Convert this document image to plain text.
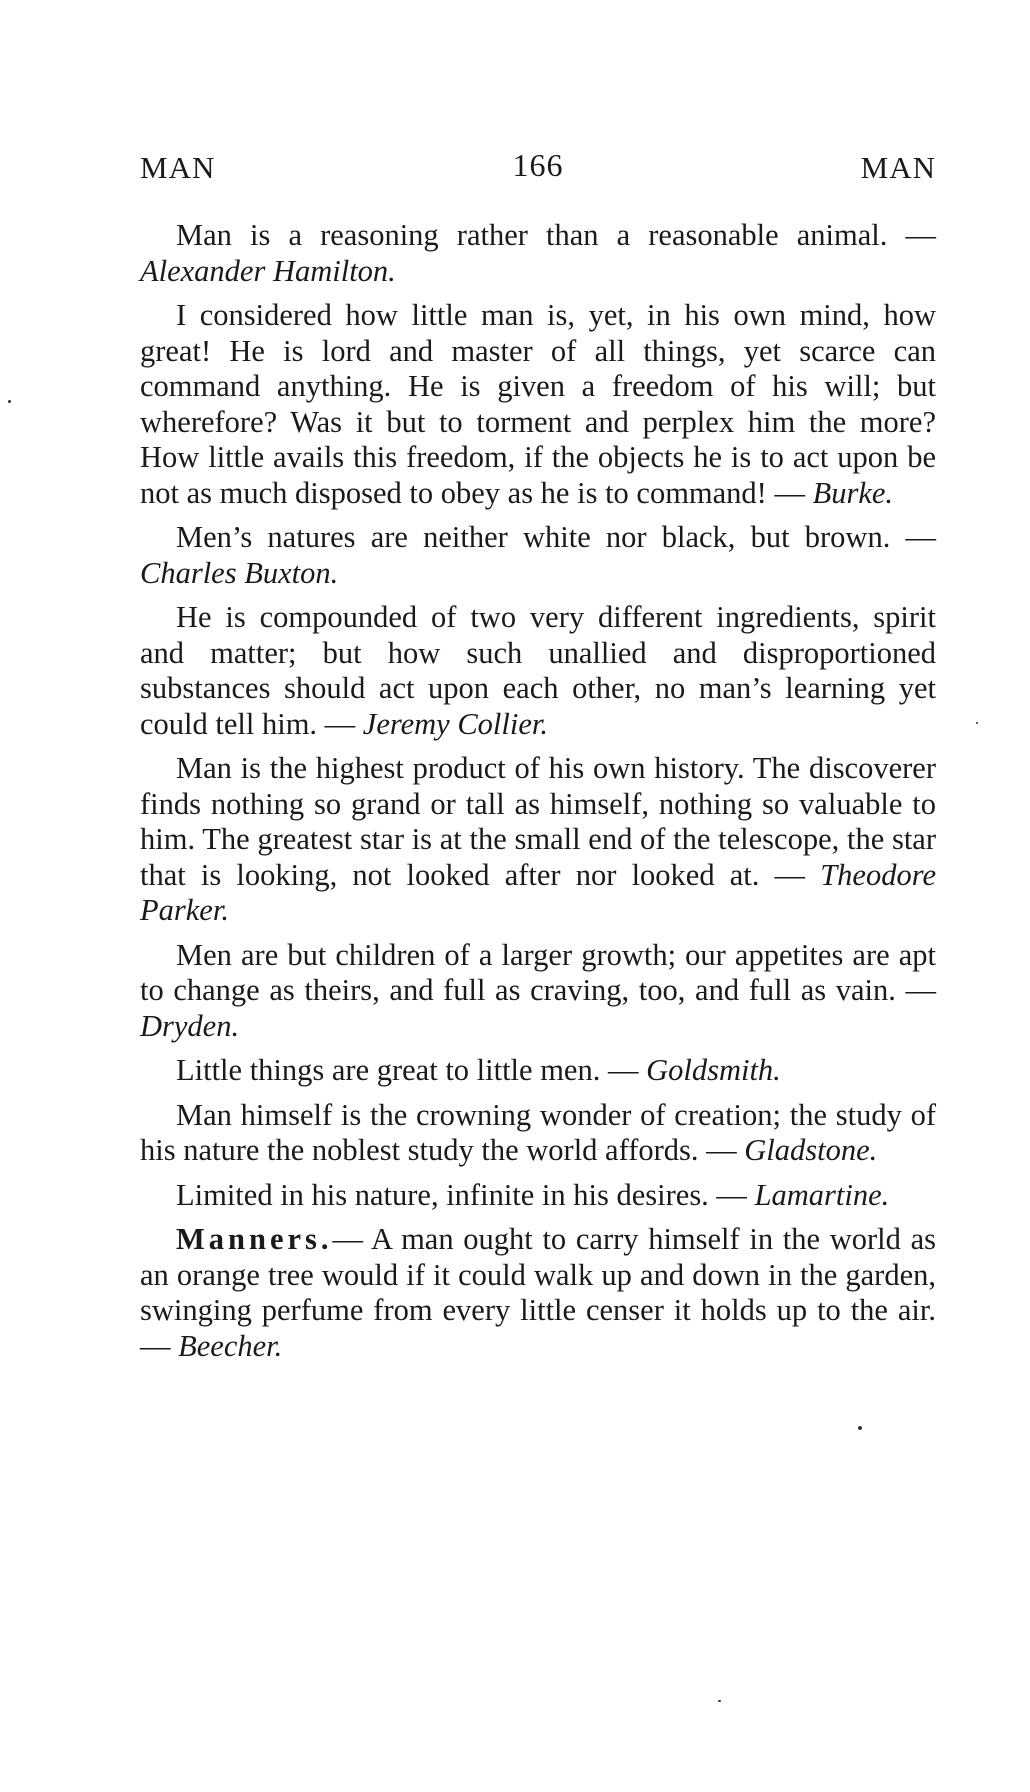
MAN	166	MAN

Man is a reasoning rather than a reasonable animal. — Alexander Hamilton.

I considered how little man is, yet, in his own mind, how great! He is lord and master of all things, yet scarce can command anything. He is given a freedom of his will; but wherefore? Was it but to torment and perplex him the more? How little avails this freedom, if the objects he is to act upon be not as much disposed to obey as he is to command! — Burke.

Men’s natures are neither white nor black, but brown. — Charles Buxton.

He is compounded of two very different ingredients, spirit and matter; but how such unallied and disproportioned substances should act upon each other, no man’s learning yet could tell him. — Jeremy Collier.

Man is the highest product of his own history. The discoverer finds nothing so grand or tall as himself, nothing so valuable to him. The greatest star is at the small end of the telescope, the star that is looking, not looked after nor looked at. — Theodore Parker.

Men are but children of a larger growth; our appetites are apt to change as theirs, and full as craving, too, and full as vain. — Dryden.

Little things are great to little men. — Goldsmith.

Man himself is the crowning wonder of creation; the study of his nature the noblest study the world affords. — Gladstone.

Limited in his nature, infinite in his desires. — Lamartine.

Manners.— A man ought to carry himself in the world as an orange tree would if it could walk up and down in the garden, swinging perfume from every little censer it holds up to the air. — Beecher.
